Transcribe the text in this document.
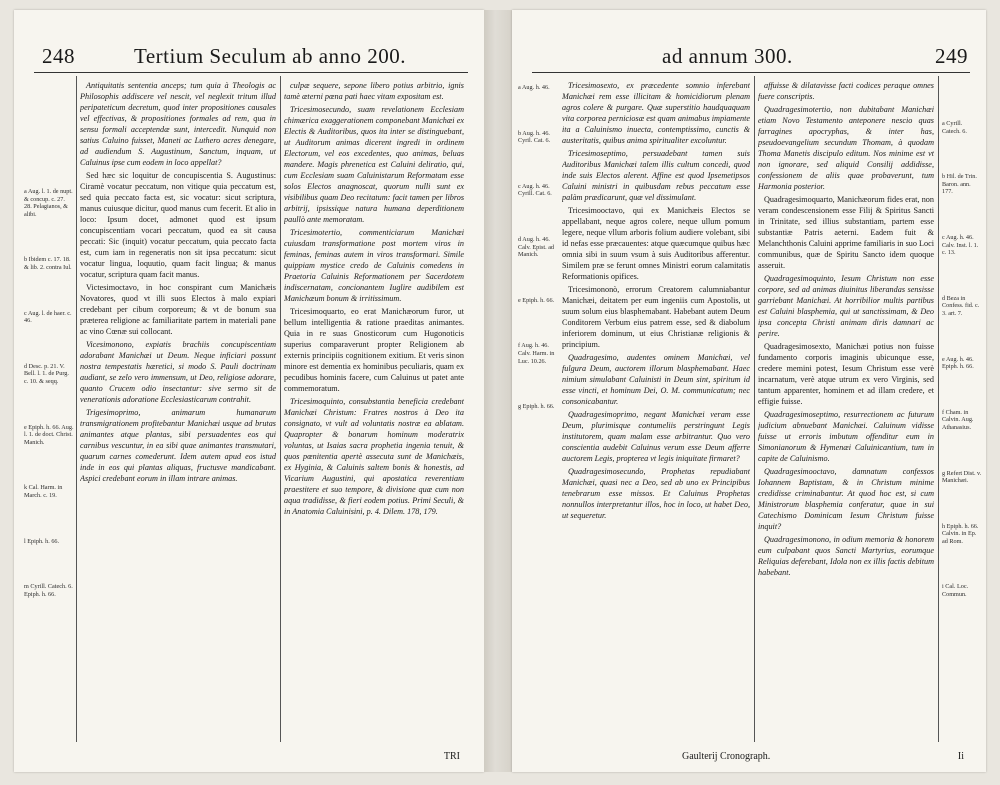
248	Tertium Seculum ab anno 200.
a Aug. l. 1. de nupt. & concup. c. 27. 28. Pelagianos, & alibi.
b Ibidem c. 17. 18. & lib. 2. contra Iul.
c Aug. l. de haer. c. 46.
d Desc. p. 21. V. Bell. l. 1. de Purg. c. 10. & seqq.
e Epiph. h. 66. Aug. l. 1. de doct. Christ. Manich.
k Cal. Harm. in March. c. 19.
l Epiph. h. 66.
m Cyrill. Catech. 6. Epiph. h. 66.

Antiquitatis sententia anceps; tum quia à Theologis ac Philosophis addiscere vel nescit, vel neglexit tritum illud peripateticum decretum, quod inter propositiones causales vel effectivas, & propositiones formales ad rem, qua in sensu formali acceptendæ sunt, intercedit. Nunquid non satius Caluino fuisset, Maneti ac Luthero acres denegare, ad audiendum S. Augustinum, Sanctum, inquam, ut Caluinus ipse cum eodem in loco appellat?

Sed hæc sic loquitur de concupiscentia S. Augustinus: Ciramè vocatur peccatum, non vitique quia peccatum est, sed quia peccato facta est, sic vocatur: sicut scriptura, manus cuiusque dicitur, quod manus cum fecerit. Et alio in loco: Ipsum docet, admonet quod est ipsum concupiscentiam vocari peccatum, quod ea sit causa peccati: Sic (inquit) vocatur peccatum, quia peccato facta est, cum iam in regeneratis non sit ipsa peccatum: sicut vocatur lingua, loquutio, quam facit lingua; & manus vocatur, scriptura quam facit manus.

Victesimoctavo, in hoc conspirant cum Manichæis Novatores, quod vt illi suos Electos à malo expiari credebant per cibum corporeum; & vt de bonum sua præterea religione ac familiaritate partem in materiali pane ac vino Cœnæ sui collocant.

Vicesimonono, expiatis brachiis concupiscentiam adorabant Manichæi ut Deum. Neque inficiari possunt nostra tempestatis hæretici, si modo S. Pauli doctrinam audiant, se zelo vero immensum, ut Deo, religiose adorare, quanto Crucem odio insectantur: sive sermo sit de venerationis adoratione Ecclesiasticarum contrahit.

Trigesimoprimo, animarum humanarum transmigrationem profitebantur Manichæi usque ad brutas animantes atque plantas, sibi persuadentes eos qui carnibus vescuntur, in ea sibi quae animantes transmutari, quarum carnes comederunt. Idem autem apud eos istud inde in eos qui plantas aliquas, fructusve mandicabant. Aspici credebant eorum in illam intrare animas.

culpæ sequere, sepone libero potius arbitrio, ignis tamè æterni pœna pati haec vitam expositam est.

Tricesimosecundo, suam revelationem Ecclesiam chimærica exaggerationem componebant Manichæi ex Electis & Auditoribus, quos ita inter se distinguebant, ut Auditorum animas dicerent ingredi in ordinem Electorum, vel eos excedentes, quo animas, beluas mandere. Magis phrenetica est Caluini deliratio, qui, cum Ecclesiam suam Caluinistarum Reformatam esse solos Electos anagnoscat, quorum nulli sunt ex visibilibus quam Deo recitatum: facit tamen per libros arbitrij, ipsissique natura humana deperditionem paullò ante memoratam.

Tricesimotertio, commenticiarum Manichæi cuiusdam transformatione post mortem viros in feminas, feminas autem in viros transformari. Simile quippiam mystice credo de Caluinis comedens in Praetoria Caluinis Reformationem per Sacerdotem indiscernatam, concionantem Iuglire audibilem est Manichæum bonum & irritissimum.

Tricesimoquarto, eo erat Manichæorum furor, ut bellum intelligentia & ratione praeditas animantes. Quia in re suas Gnosticorum cum Hugonoticis superius comparaverunt propter Religionem ab externis principiis cognitionem exitium. Et veris sinon minore est dementia ex hominibus peculiaris, quam ex pecudibus hominis facere, cum Caluinus ut patet ante commemoratum.

Tricesimoquinto, consubstantia beneficia credebant Manichæi Christum: Fratres nostros à Deo ita consignato, vt vult ad voluntatis nostræ ea ablatam. Quapropter & bonarum hominum moderatrix voluntas, ut Isaias sacra prophetia ingenia tenuit, & quos pœnitentia apertè assecuta sunt de Manichæis, ex Hyginia, & Caluinis saltem bonis & honestis, ad Vicarium Augustini, qui apostatica reverentiam praestitere et suo tempore, & divisione quæ cum non aqua tradidisse, & fieri eodem potius. Primi Seculi, & in Anatomia Caluinisini, p. 4. Dilem. 178, 179.

TRI
ad annum 300.	249
a Aug. h. 46.
b Aug. h. 46. Cyril. Cat. 6.
c Aug. h. 46. Cyrill. Cat. 6.
d Aug. h. 46. Calv. Epist. ad Manich.
e Epiph. h. 66.
f Aug. h. 46. Calv. Harm. in Luc. 10.26.
g Epiph. h. 66.

Tricesimosexto, ex præcedente somnio inferebant Manichæi rem esse illicitam & homicidiorum plenam agros colere & purgare. Quæ superstitio haudquaquam vita corporea perniciosæ est quam animabus impiamente ita a Caluinismo inuecta, contemptissimo, cunctis & austeritatis, quibus anima spiritualiter excoluntur.

Tricesimoseptimo, persuadebant tamen suis Auditoribus Manichæi talem illis cultum concedi, quod inde suis Electos alerent. Affine est quod Ipsemetipsos Caluini ministri in quibusdam rebus peccatum esse palàm prædicarunt, quæ vel dissimulant.

Tricesimooctavo, qui ex Manichæis Electos se appellabant, neque agros colere, neque ullum pomum legere, neque vllum arboris folium audiere volebant, sibi id nefas esse præcauentes: atque quæcumque quibus hæc omnia sibi in suum vsum à suis Auditoribus afferentur. Similem præ se ferunt omnes Ministri eorum calamitatis Reformationis opifices.

Tricesimononò, errorum Creatorem calumniabantur Manichæi, deitatem per eum ingeniis cum Apostolis, ut suum solum eius blasphemabant. Habebant autem Deum Conditorem Verbum eius patrem esse, sed & diabolum inferiorem dominum, ut eius Christianæ religionis & principium.

Quadragesimo, audentes ominem Manichæi, vel fulgura Deum, auctorem illorum blasphemabant. Haec nimium simulabant Caluinisti in Deum sint, spiritum id esse vincti, et hominum Dei, O. M. communicatum; nec consonicabantur.

Quadragesimoprimo, negant Manichæi veram esse Deum, plurimisque contumeliis perstringunt Legis institutorem, quam malam esse arbitrantur. Quo vero conscientia audebit Caluinus verum esse Deum afferre auctorem Legis, propterea vt legis iniquitate firmaret?

Quadragesimosecundo, Prophetas repudiabant Manichæi, quasi nec a Deo, sed ab uno ex Principibus tenebrarum esse missos. Et Caluinus Prophetas nonnullos interpretantur illos, hoc in loco, ut habet Deo, ut sequeretur.

affuisse & dilatavisse facti codices peraque omnes fuere conscriptis.

Quadragesimotertio, non dubitabant Manichæi etiam Novo Testamento anteponere nescio quas farragines apocryphas, & inter has, pseudoevangelium secundum Thomam, à quodam Thoma Manetis discipulo editum. Nos minime est vt non ignorare, sed aliquid Consilij addidisse, confessionem de aliis quae probaverunt, tum Harmonia posterior.

Quadragesimoquarto, Manichæorum fides erat, non veram condescensionem esse Filij & Spiritus Sancti in Trinitate, sed illius substantiam, partem esse substantiæ Patris aeterni. Eadem fuit & Melanchthonis Caluini apprime familiaris in suo Loci communibus, quæ de Spiritu Sancto idem quoque asseruit.

Quadragesimoquinto, Iesum Christum non esse corpore, sed ad animas diuinitus liberandas sensisse garriebant Manichæi. At horribilior multis partibus est Caluini blasphemia, qui ut sanctissimam, & Deo ipsa concepta Christi animam diris damnari ac perire.

Quadragesimosexto, Manichæi potius non fuisse fundamento corporis imaginis ubicunque esse, credere memini potest, Iesum Christum esse verè incarnatum, verè atque utrum ex vero Virginis, sed tantum apparenter, hominem et ad illam credere, et effigie fuisse.

Quadragesimoseptimo, resurrectionem ac futurum judicium abnuebant Manichæi. Caluinum vidisse fuisse ut erroris imbutum offenditur eum in Simonianorum & Hymenæi Caluinicantium, tum in capite de Caluinismo.

Quadragesimooctavo, damnatum confessos Iohannem Baptistam, & in Christum minime credidisse criminabantur. At quod hoc est, si cum Ministrorum blasphemia conferatur, quae in sui Catechismo Dominicam Iesum Christum fuisse inquit?

Quadragesimonono, in odium memoria & honorem eum culpabant quos Sancti Martyrius, eorumque Reliquias deferebant, Idola non ex illis factis debitum habebant.

a Cyrill. Catech. 6.
b Hil. de Trin. Baron. ann. 177.
c Aug. h. 46. Calv. Inst. l. 1. c. 13.
d Beza in Confess. fid. c. 3. art. 7.
e Aug. h. 46. Epiph. h. 66.
f Cham. in Calvin. Aug. Athanasius.
g Refert Dist. v. Manichæi.
h Epiph. h. 66. Calvin. in Ep. ad Rom.
i Cal. Loc. Commun.
Gaulterij Cronograph.	Ii
